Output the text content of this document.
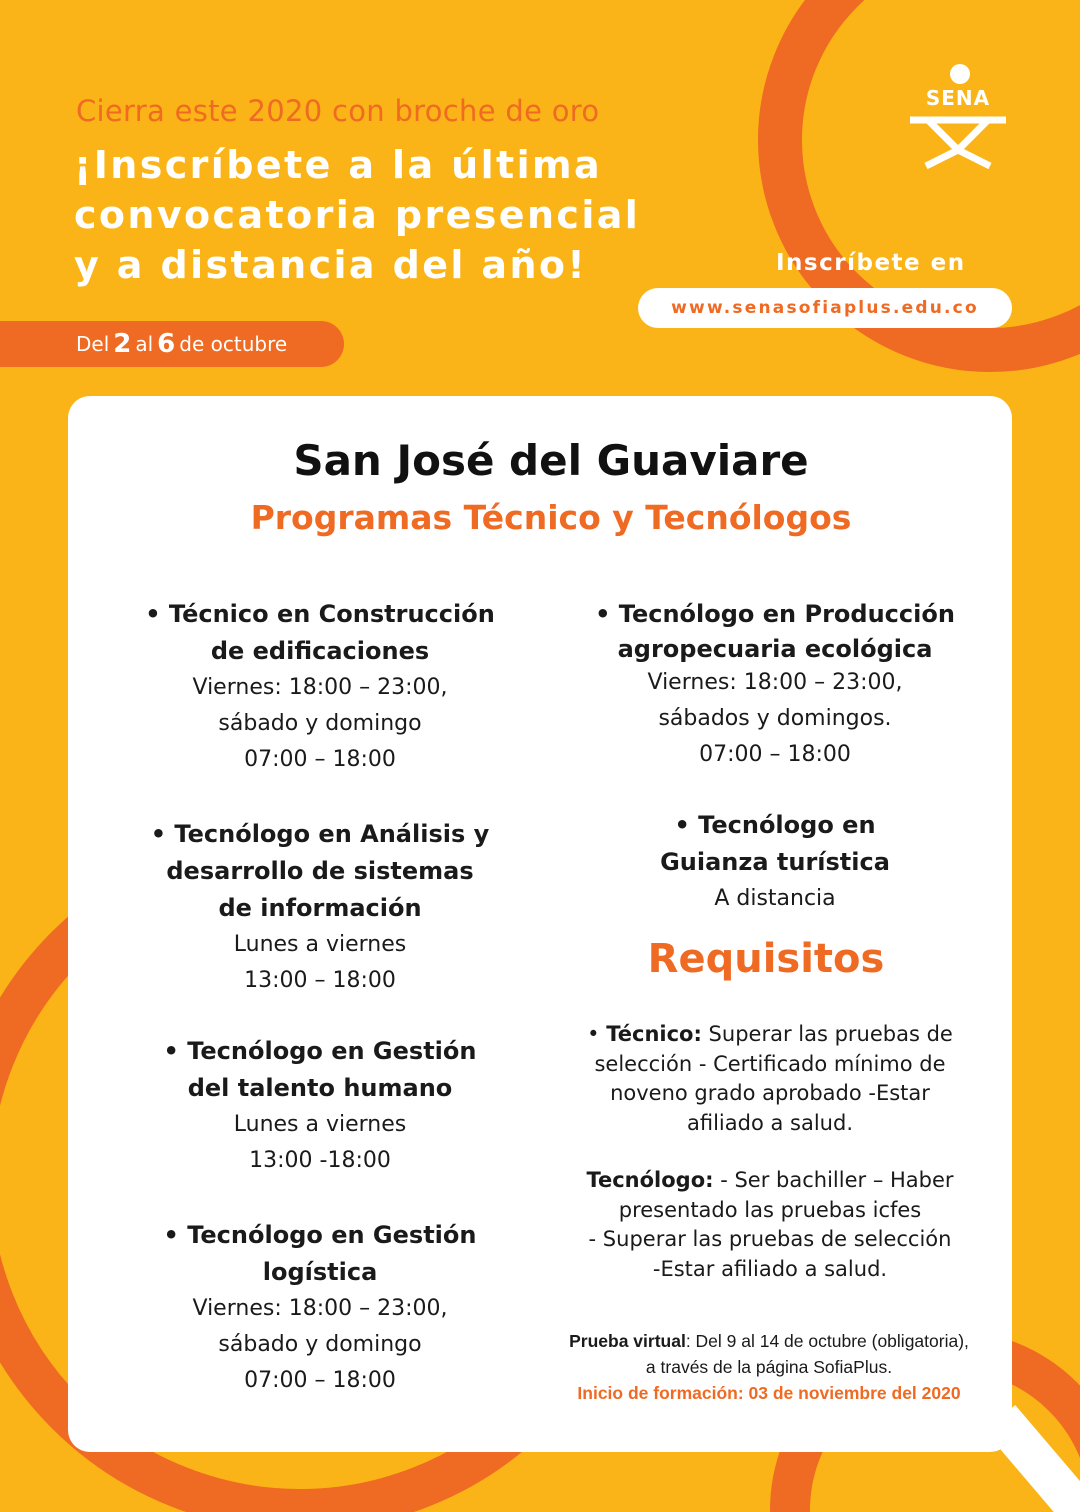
Cierra este 2020 con broche de oro
¡Inscríbete a la última
convocatoria presencial
y a distancia del año!
SENA
Inscríbete en
www.senasofiaplus.edu.co
Del 2 al 6 de octubre
San José del Guaviare
Programas Técnico y Tecnólogos
• Técnico en Construcción
de edificaciones
Viernes: 18:00 – 23:00,
sábado y domingo
07:00 – 18:00
• Tecnólogo en Análisis y
desarrollo de sistemas
de información
Lunes a viernes
13:00 – 18:00
• Tecnólogo en Gestión
del talento humano
Lunes a viernes
13:00 -18:00
• Tecnólogo en Gestión
logística
Viernes: 18:00 – 23:00,
sábado y domingo
07:00 – 18:00
• Tecnólogo en Producción
agropecuaria ecológica
Viernes: 18:00 – 23:00,
sábados y domingos.
07:00 – 18:00
• Tecnólogo en
Guianza turística
A distancia
Requisitos
• Técnico: Superar las pruebas de
selección - Certificado mínimo de
noveno grado aprobado -Estar
afiliado a salud.
Tecnólogo: - Ser bachiller – Haber
presentado las pruebas icfes
- Superar las pruebas de selección
-Estar afiliado a salud.
Prueba virtual: Del 9 al 14 de octubre (obligatoria),
a través de la página SofiaPlus.
Inicio de formación: 03 de noviembre del 2020
